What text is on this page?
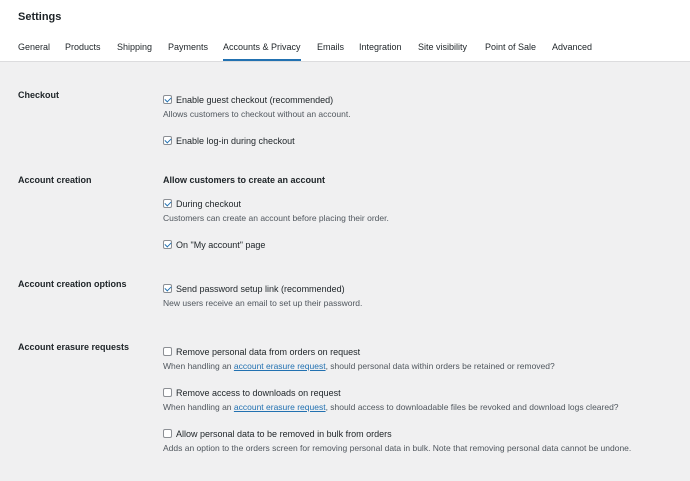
Settings
General Products Shipping Payments Accounts & Privacy Emails Integration Site visibility Point of Sale Advanced
Checkout	Enable guest checkout (recommended)
Allows customers to checkout without an account.
Enable log-in during checkout
Account creation	Allow customers to create an account
During checkout
Customers can create an account before placing their order.
On "My account" page
Account creation options	Send password setup link (recommended)
New users receive an email to set up their password.
Account erasure requests	Remove personal data from orders on request
When handling an account erasure request, should personal data within orders be retained or removed?
Remove access to downloads on request
When handling an account erasure request, should access to downloadable files be revoked and download logs cleared?
Allow personal data to be removed in bulk from orders
Adds an option to the orders screen for removing personal data in bulk. Note that removing personal data cannot be undone.
